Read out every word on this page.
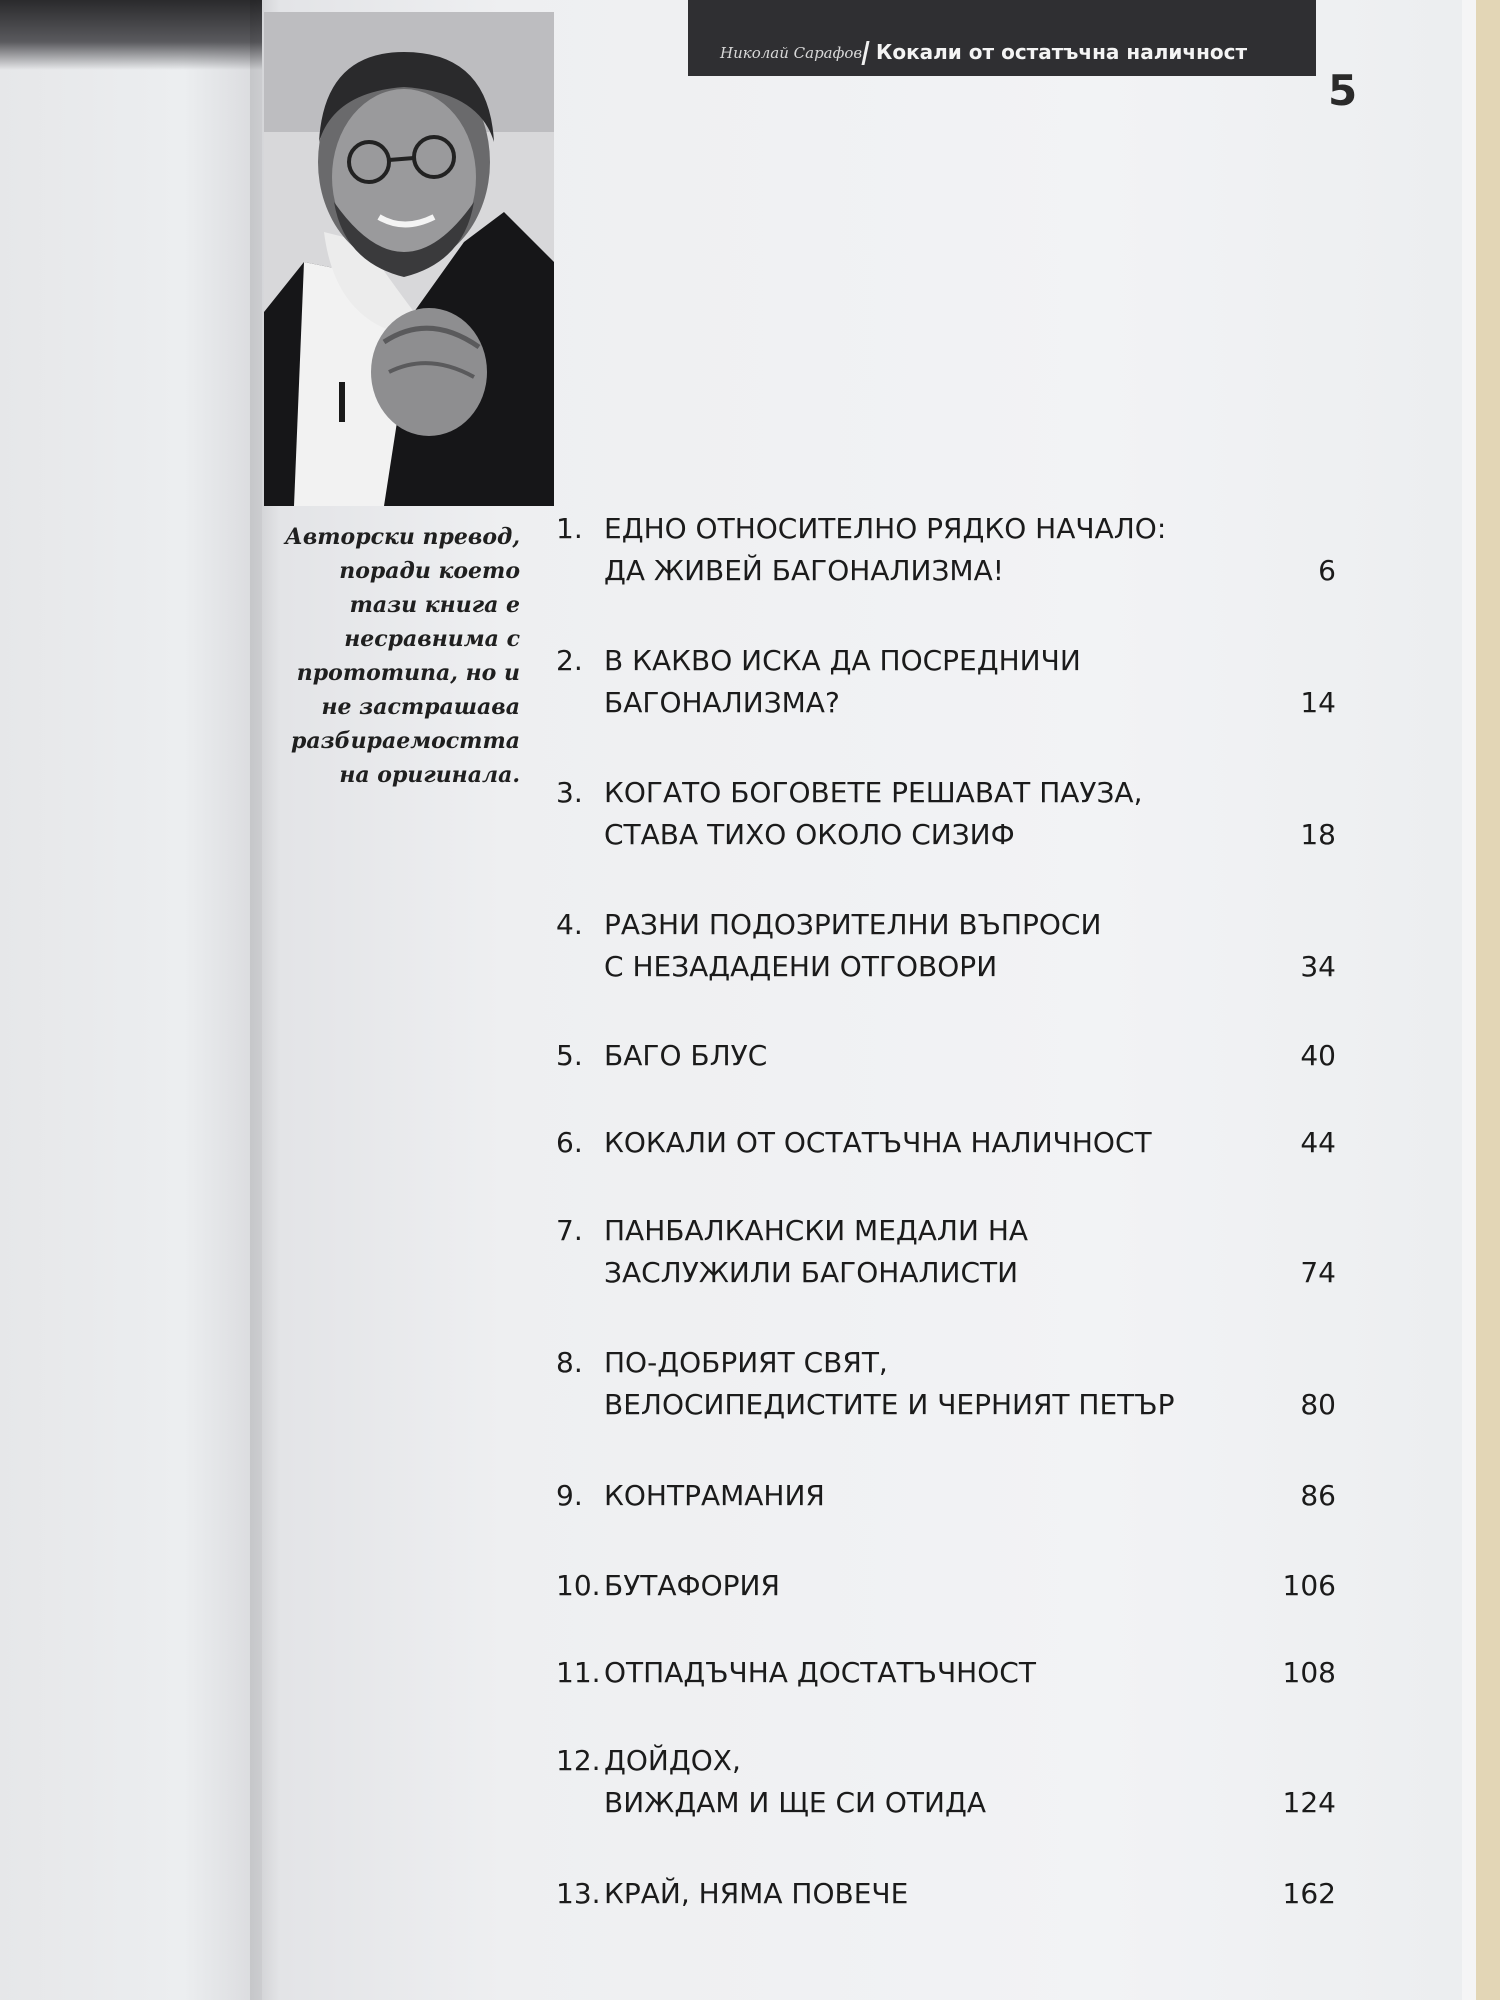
Николай Сарафов Кокали от остатъчна наличност
5
Авторски превод,
поради което
тази книга е
несравнима с
прототипа, но и
не застрашава
разбираемостта
на оригинала.
1. ЕДНО ОТНОСИТЕЛНО РЯДКО НАЧАЛО:
ДА ЖИВЕЙ БАГОНАЛИЗМА!	6
2. В КАКВО ИСКА ДА ПОСРЕДНИЧИ
БАГОНАЛИЗМА?	14
3. КОГАТО БОГОВЕТЕ РЕШАВАТ ПАУЗА,
СТАВА ТИХО ОКОЛО СИЗИФ	18
4. РАЗНИ ПОДОЗРИТЕЛНИ ВЪПРОСИ
С НЕЗАДАДЕНИ ОТГОВОРИ	34
5. БАГО БЛУС	40
6. КОКАЛИ ОТ ОСТАТЪЧНА НАЛИЧНОСТ	44
7. ПАНБАЛКАНСКИ МЕДАЛИ НА
ЗАСЛУЖИЛИ БАГОНАЛИСТИ	74
8. ПО-ДОБРИЯТ СВЯТ,
ВЕЛОСИПЕДИСТИТЕ И ЧЕРНИЯТ ПЕТЪР	80
9. КОНТРАМАНИЯ	86
10. БУТАФОРИЯ	106
11. ОТПАДЪЧНА ДОСТАТЪЧНОСТ	108
12. ДОЙДОХ,
ВИЖДАМ И ЩЕ СИ ОТИДА	124
13. КРАЙ, НЯМА ПОВЕЧЕ	162
